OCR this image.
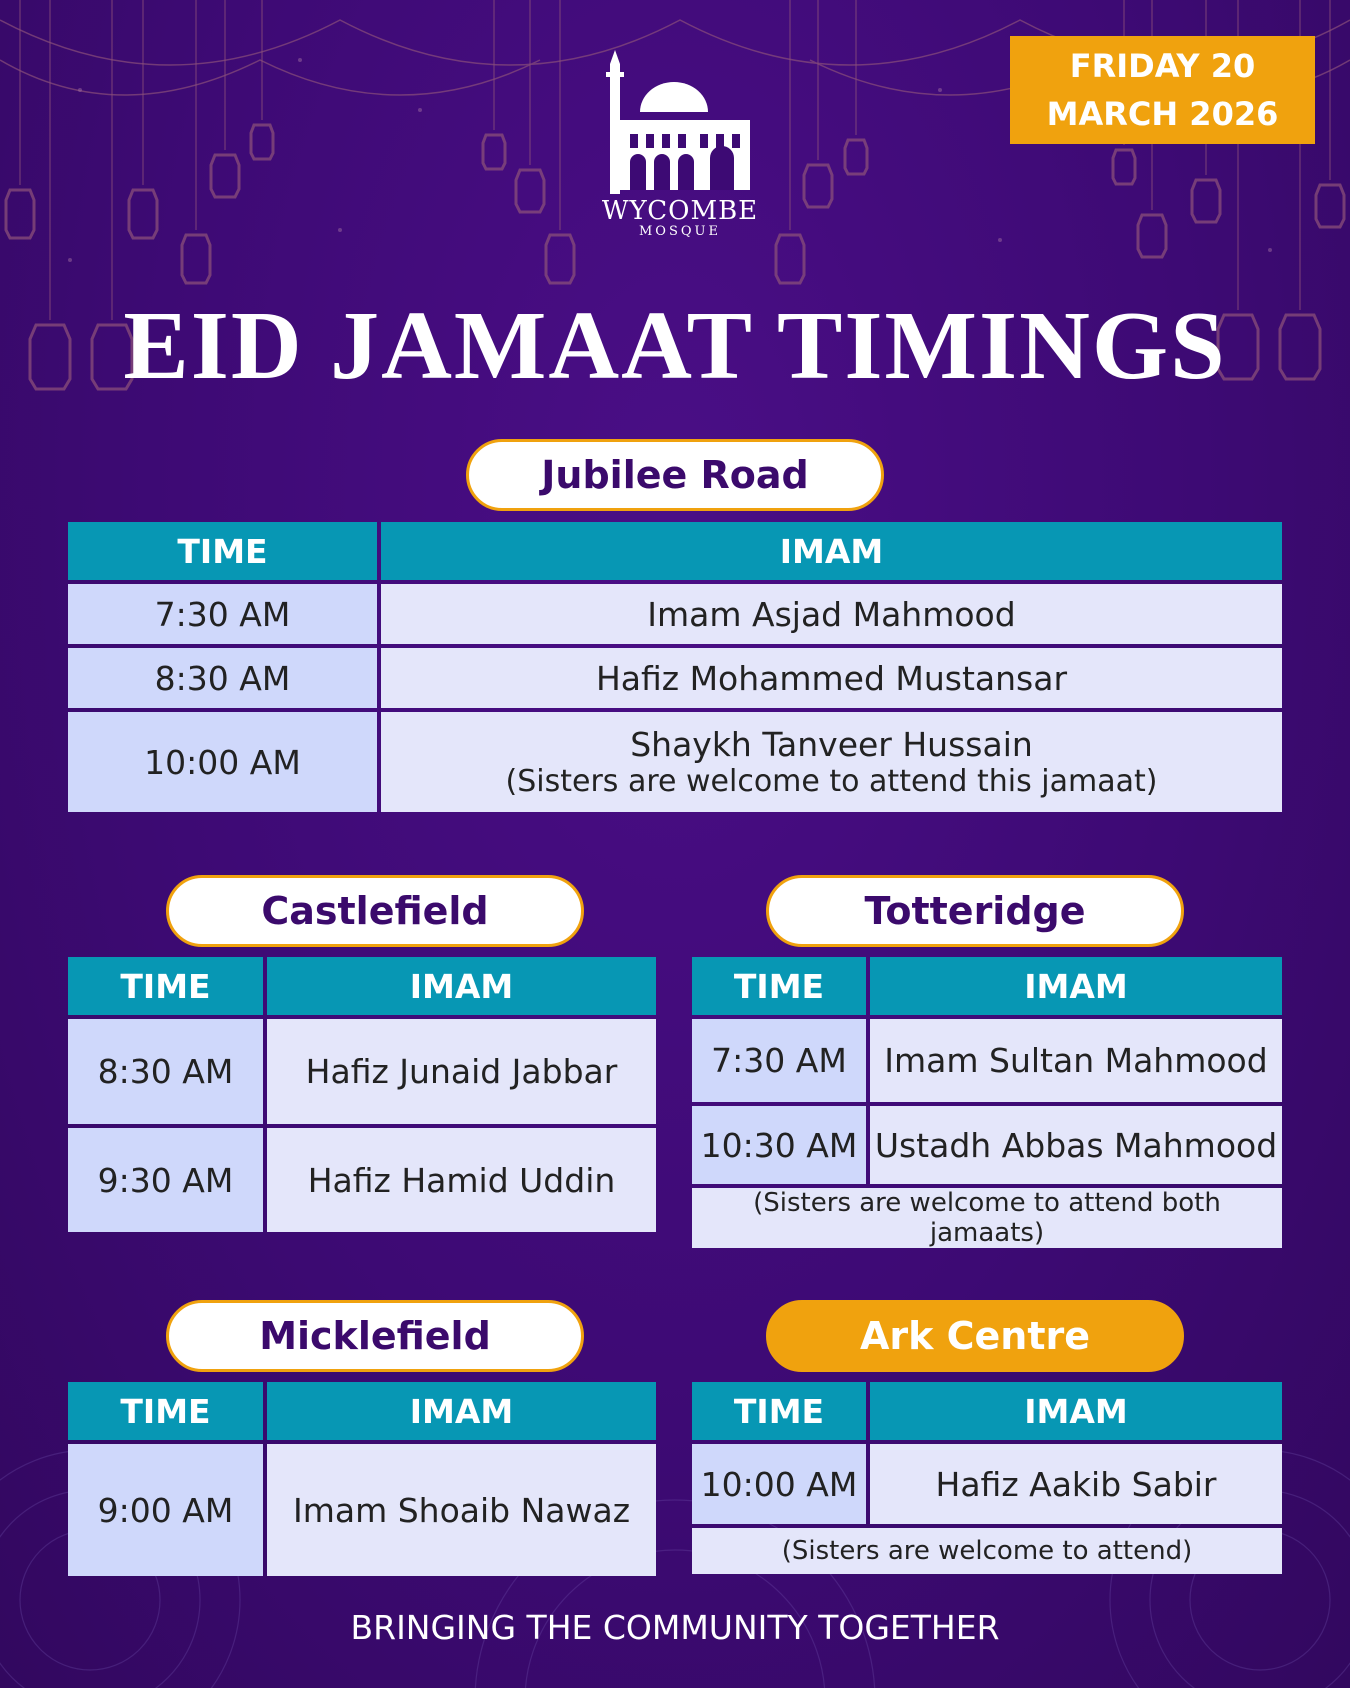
FRIDAY 20
MARCH 2026
WYCOMBE
MOSQUE
EID JAMAAT TIMINGS
Jubilee Road
TIME	IMAM
7:30 AM	Imam Asjad Mahmood
8:30 AM	Hafiz Mohammed Mustansar
10:00 AM	Shaykh Tanveer Hussain
(Sisters are welcome to attend this jamaat)
Castlefield
TIME	IMAM
8:30 AM	Hafiz Junaid Jabbar
9:30 AM	Hafiz Hamid Uddin
Totteridge
TIME	IMAM
7:30 AM	Imam Sultan Mahmood
10:30 AM	Ustadh Abbas Mahmood
(Sisters are welcome to attend both jamaats)	
Micklefield
TIME	IMAM
9:00 AM	Imam Shoaib Nawaz
Ark Centre
TIME	IMAM
10:00 AM	Hafiz Aakib Sabir
(Sisters are welcome to attend)	
BRINGING THE COMMUNITY TOGETHER
